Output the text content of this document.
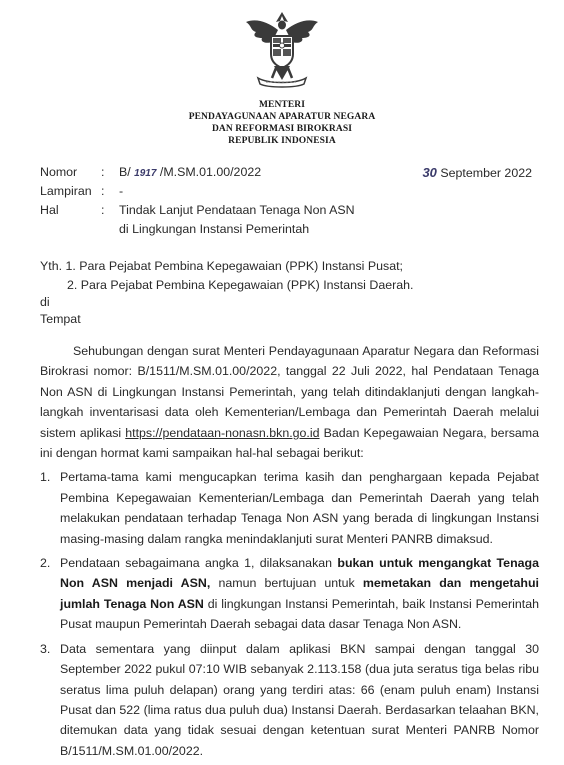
MENTERI
PENDAYAGUNAAN APARATUR NEGARA
DAN REFORMASI BIROKRASI
REPUBLIK INDONESIA
Nomor : B/ 1917 /M.SM.01.00/2022	30 September 2022
Lampiran : -
Hal	: Tindak Lanjut Pendataan Tenaga Non ASN
di Lingkungan Instansi Pemerintah
Yth. 1. Para Pejabat Pembina Kepegawaian (PPK) Instansi Pusat;
2. Para Pejabat Pembina Kepegawaian (PPK) Instansi Daerah.
di
Tempat

Sehubungan dengan surat Menteri Pendayagunaan Aparatur Negara dan Reformasi Birokrasi nomor: B/1511/M.SM.01.00/2022, tanggal 22 Juli 2022, hal Pendataan Tenaga Non ASN di Lingkungan Instansi Pemerintah, yang telah ditindaklanjuti dengan langkah-langkah inventarisasi data oleh Kementerian/Lembaga dan Pemerintah Daerah melalui sistem aplikasi https://pendataan-nonasn.bkn.go.id Badan Kepegawaian Negara, bersama ini dengan hormat kami sampaikan hal-hal sebagai berikut:

1. Pertama-tama kami mengucapkan terima kasih dan penghargaan kepada Pejabat Pembina Kepegawaian Kementerian/Lembaga dan Pemerintah Daerah yang telah melakukan pendataan terhadap Tenaga Non ASN yang berada di lingkungan Instansi masing-masing dalam rangka menindaklanjuti surat Menteri PANRB dimaksud.
2. Pendataan sebagaimana angka 1, dilaksanakan bukan untuk mengangkat Tenaga Non ASN menjadi ASN, namun bertujuan untuk memetakan dan mengetahui jumlah Tenaga Non ASN di lingkungan Instansi Pemerintah, baik Instansi Pemerintah Pusat maupun Pemerintah Daerah sebagai data dasar Tenaga Non ASN.
3. Data sementara yang diinput dalam aplikasi BKN sampai dengan tanggal 30 September 2022 pukul 07:10 WIB sebanyak 2.113.158 (dua juta seratus tiga belas ribu seratus lima puluh delapan) orang yang terdiri atas: 66 (enam puluh enam) Instansi Pusat dan 522 (lima ratus dua puluh dua) Instansi Daerah. Berdasarkan telaahan BKN, ditemukan data yang tidak sesuai dengan ketentuan surat Menteri PANRB Nomor B/1511/M.SM.01.00/2022.
